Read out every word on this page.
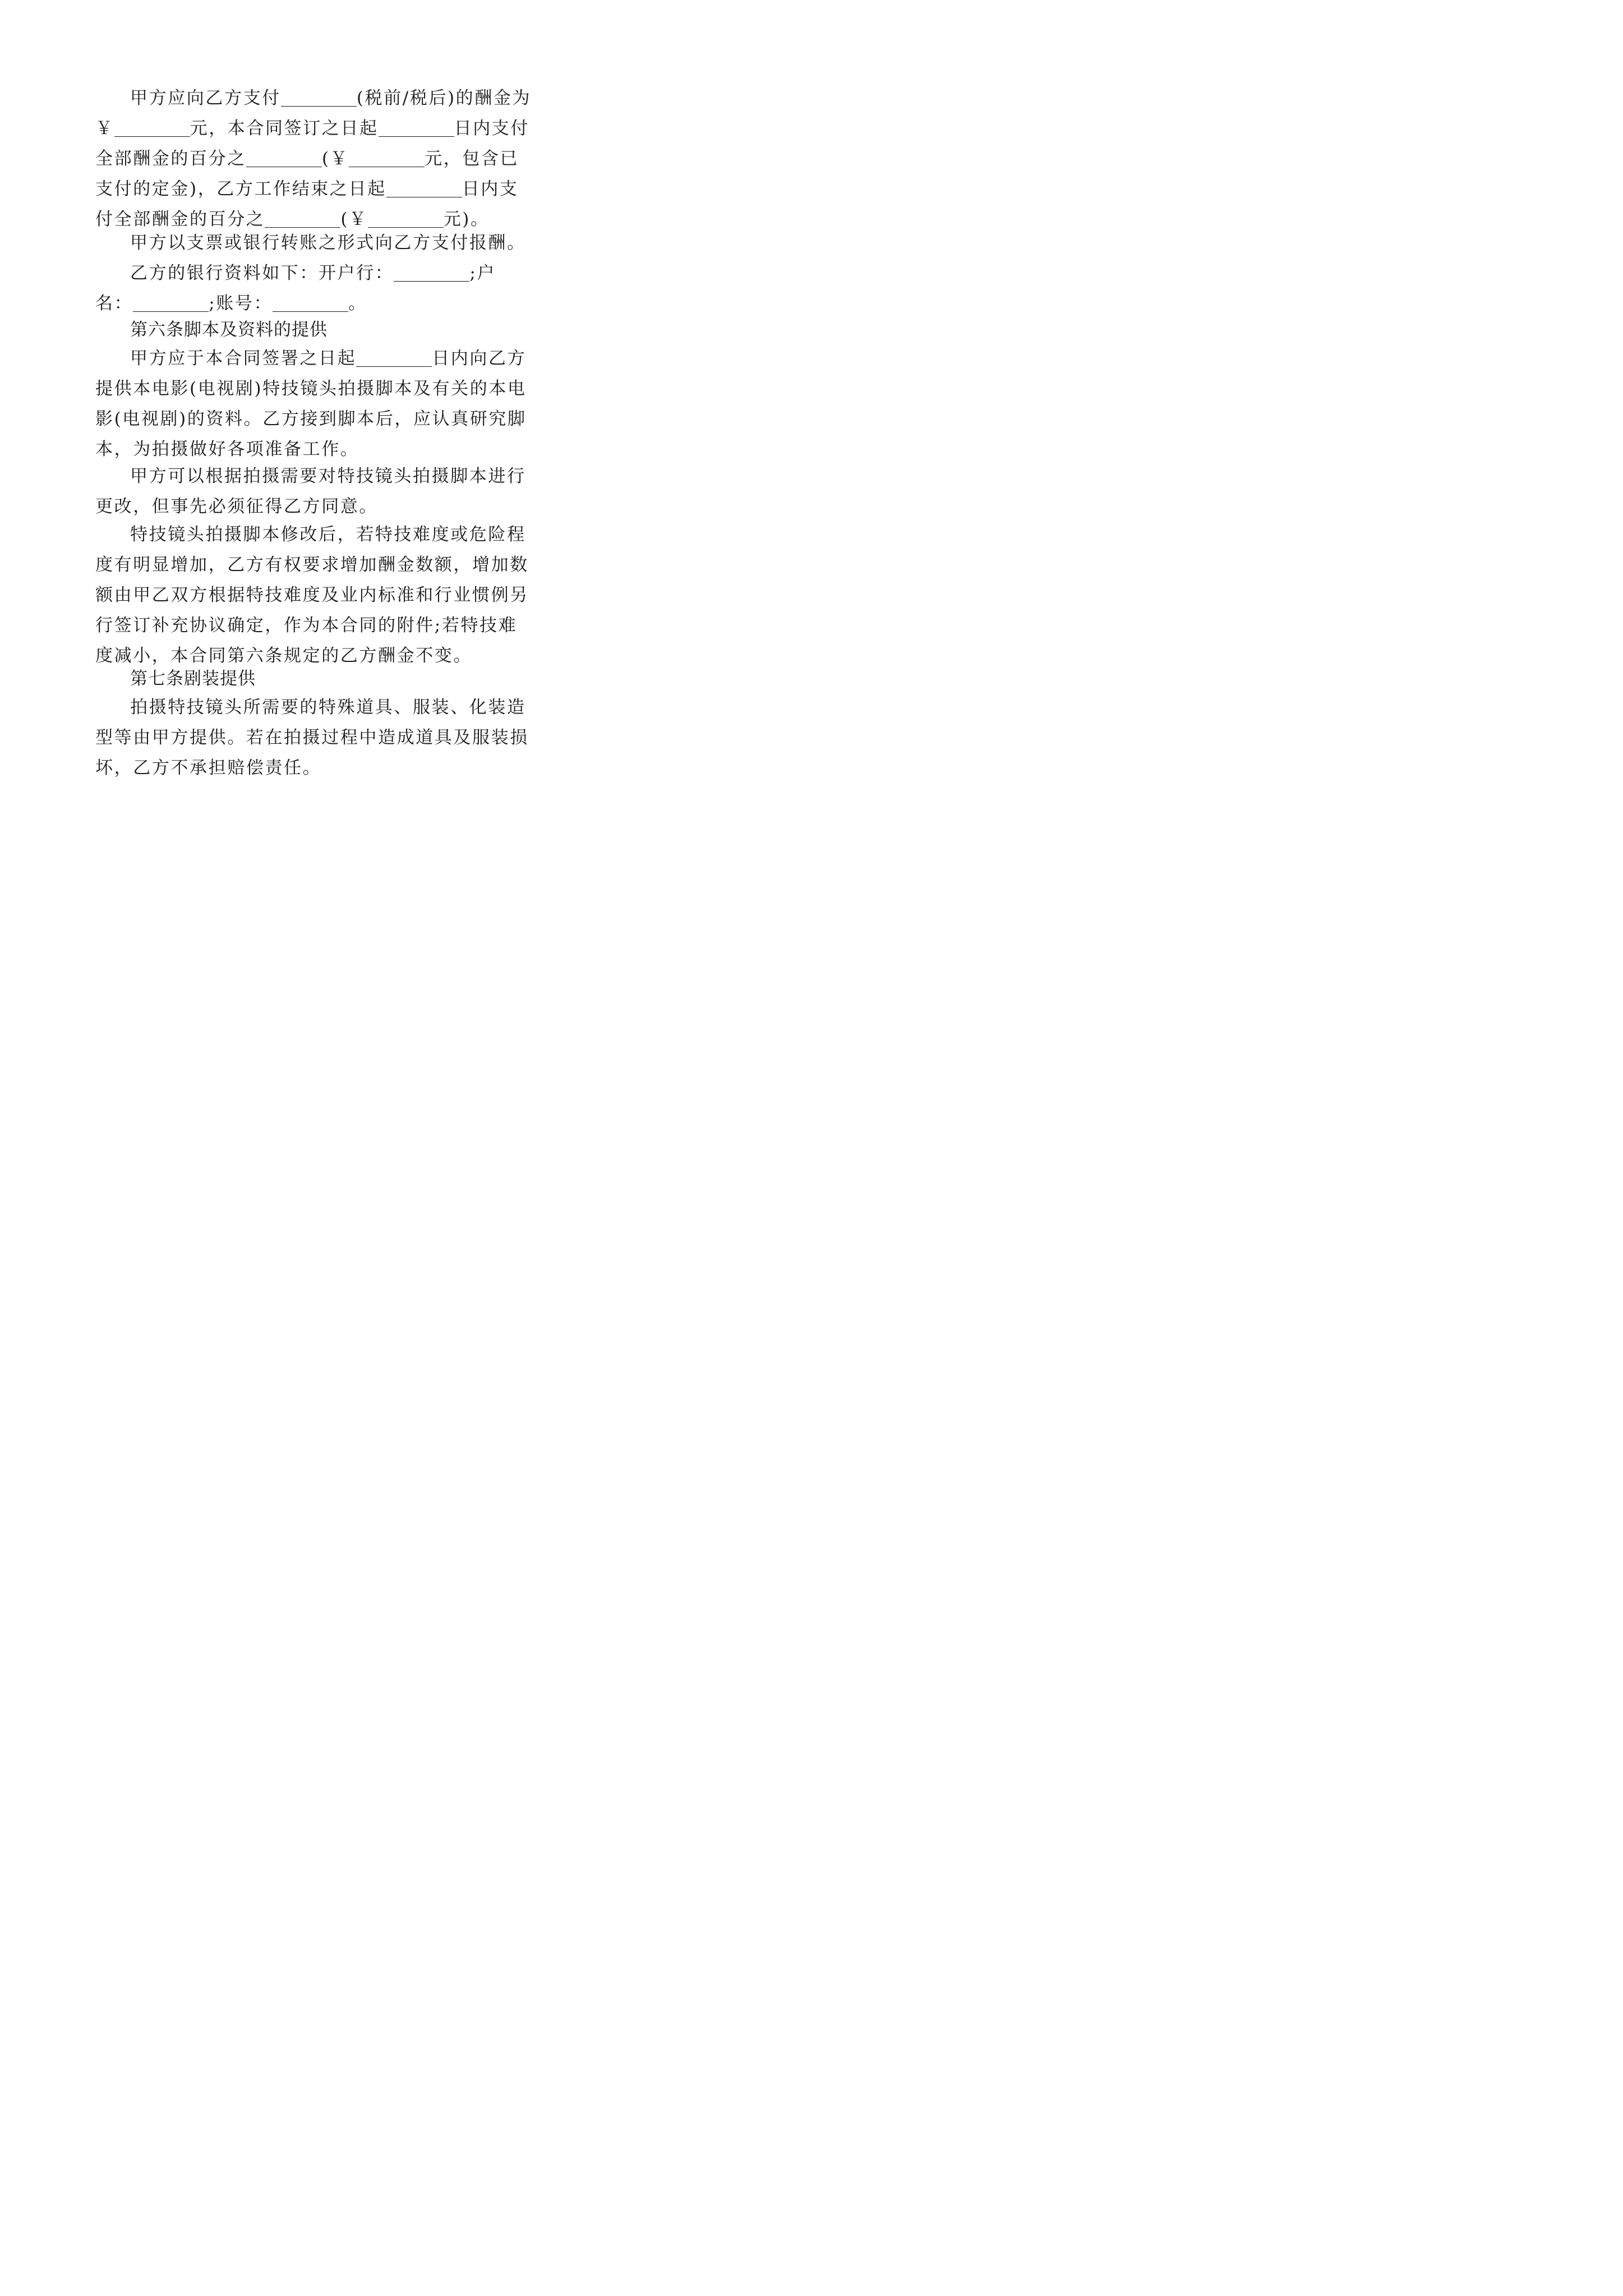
甲方应向乙方支付	(税前/税后)的酬金为 ￥	元，本合同签订之日起	日内支付全部酬金的百分之	(￥	元，包含已支付的定金)，乙方工作结束之日起	日内支付全部酬金的百分之	(￥	元)。

甲方以支票或银行转账之形式向乙方支付报酬。

乙方的银行资料如下：开户行：	;户名：	;账号：	。

第六条脚本及资料的提供

甲方应于本合同签署之日起	日内向乙方提供本电影(电视剧)特技镜头拍摄脚本及有关的本电影(电视剧)的资料。乙方接到脚本后，应认真研究脚本，为拍摄做好各项准备工作。

甲方可以根据拍摄需要对特技镜头拍摄脚本进行更改，但事先必须征得乙方同意。

特技镜头拍摄脚本修改后，若特技难度或危险程度有明显增加，乙方有权要求增加酬金数额，增加数额由甲乙双方根据特技难度及业内标准和行业惯例另行签订补充协议确定，作为本合同的附件;若特技难度减小，本合同第六条规定的乙方酬金不变。

第七条剧装提供

拍摄特技镜头所需要的特殊道具、服装、化装造型等由甲方提供。若在拍摄过程中造成道具及服装损坏，乙方不承担赔偿责任。
